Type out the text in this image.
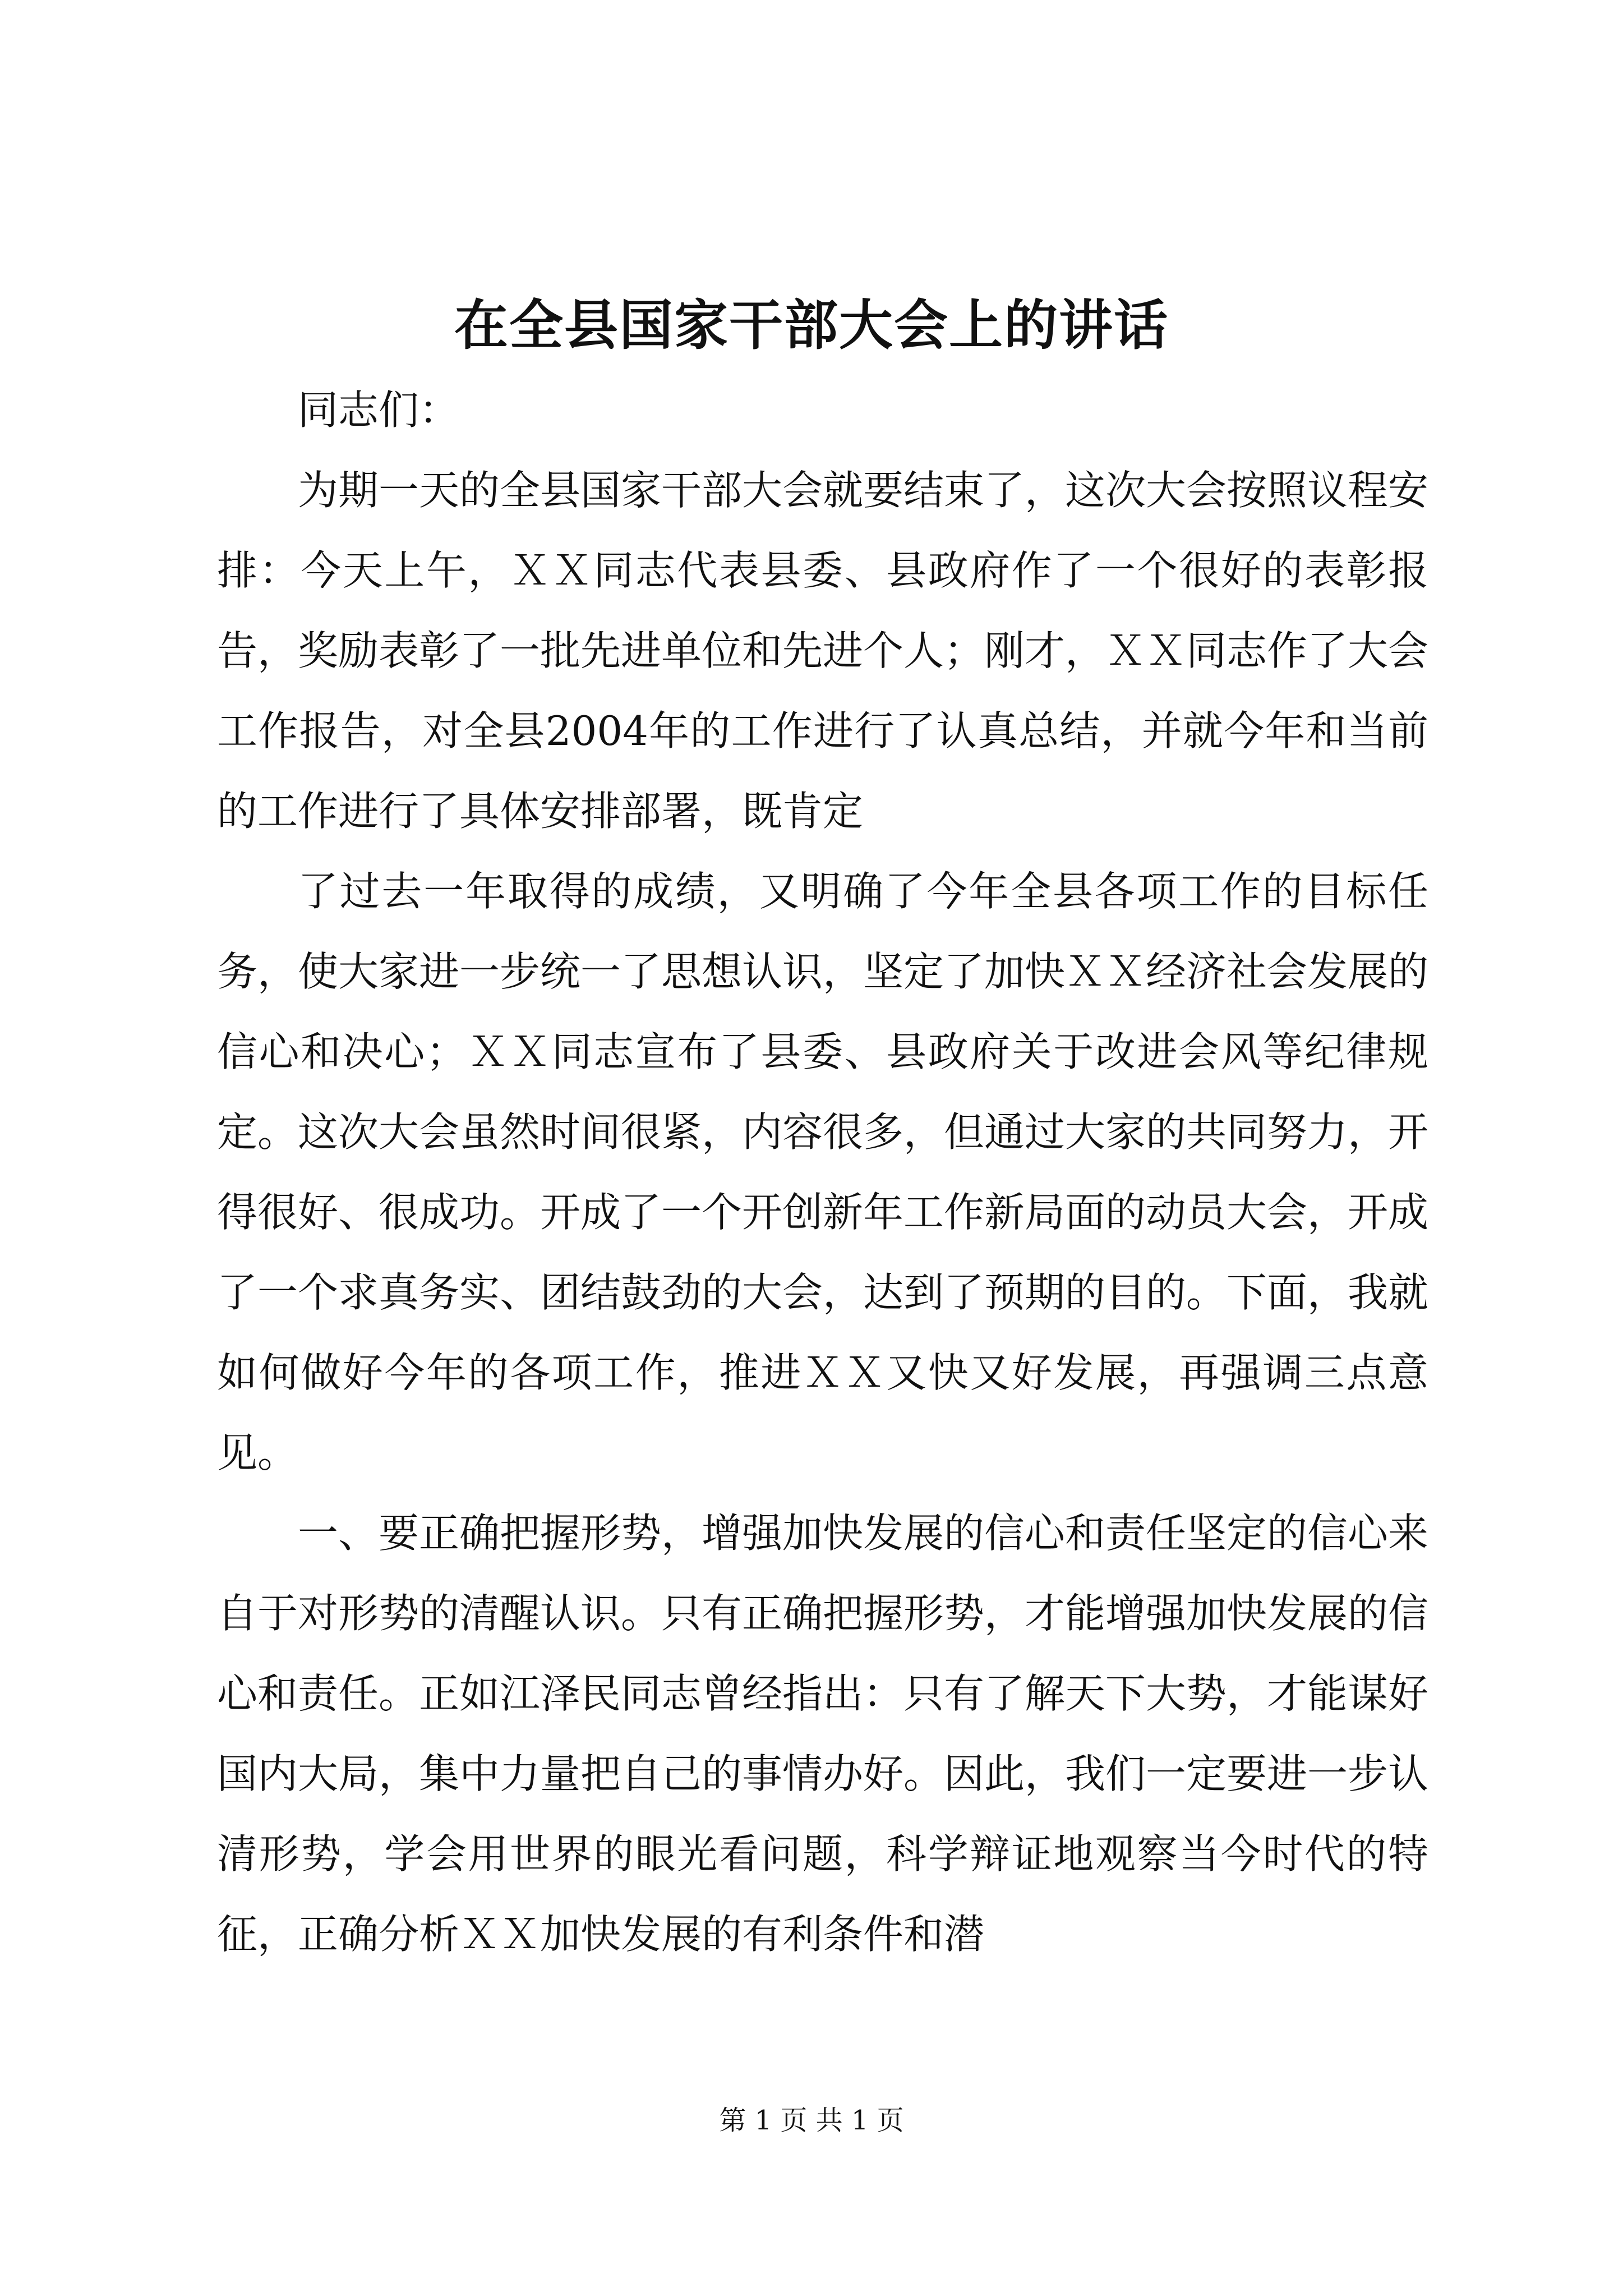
在全县国家干部大会上的讲话

同志们：

为期一天的全县国家干部大会就要结束了，这次大会按照议程安排：今天上午，ＸＸ同志代表县委、县政府作了一个很好的表彰报告，奖励表彰了一批先进单位和先进个人；刚才，ＸＸ同志作了大会工作报告，对全县2004年的工作进行了认真总结，并就今年和当前的工作进行了具体安排部署，既肯定

了过去一年取得的成绩，又明确了今年全县各项工作的目标任务，使大家进一步统一了思想认识，坚定了加快ＸＸ经济社会发展的信心和决心；ＸＸ同志宣布了县委、县政府关于改进会风等纪律规定。这次大会虽然时间很紧，内容很多，但通过大家的共同努力，开得很好、很成功。开成了一个开创新年工作新局面的动员大会，开成了一个求真务实、团结鼓劲的大会，达到了预期的目的。下面，我就如何做好今年的各项工作，推进ＸＸ又快又好发展，再强调三点意见。

一、要正确把握形势，增强加快发展的信心和责任坚定的信心来自于对形势的清醒认识。只有正确把握形势，才能增强加快发展的信心和责任。正如江泽民同志曾经指出：只有了解天下大势，才能谋好国内大局，集中力量把自己的事情办好。因此，我们一定要进一步认清形势，学会用世界的眼光看问题，科学辩证地观察当今时代的特征，正确分析ＸＸ加快发展的有利条件和潜

第 1 页 共 1 页
